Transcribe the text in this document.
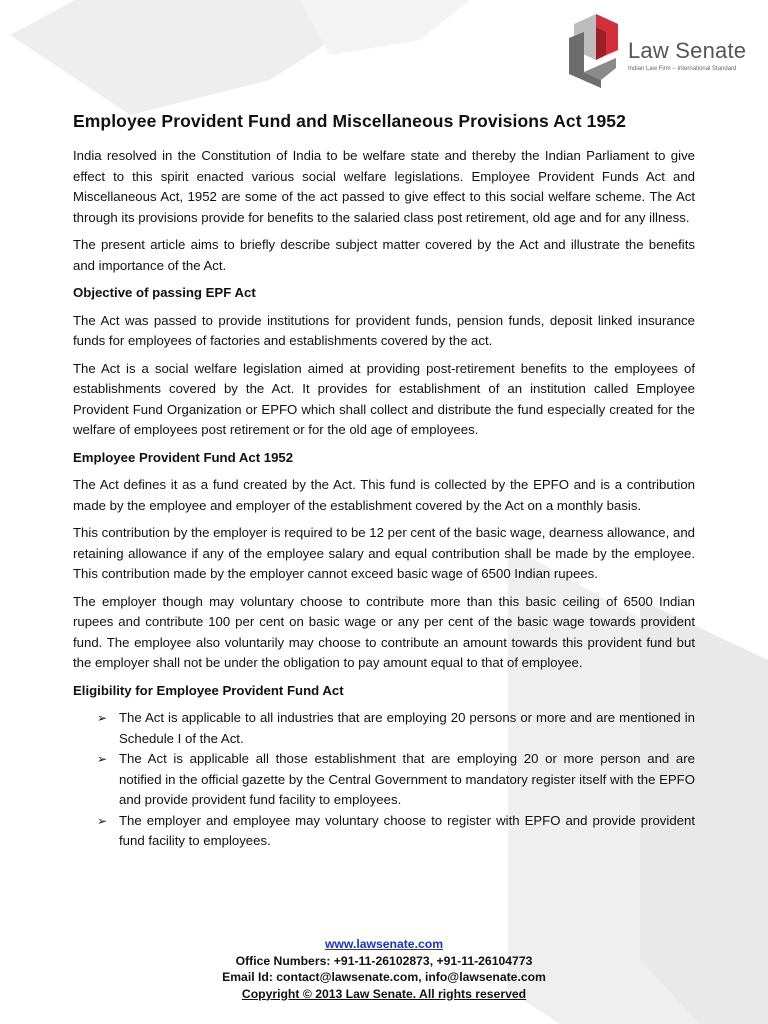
Law Senate
Indian Law Firm – International Standard
Employee Provident Fund and Miscellaneous Provisions Act 1952

India resolved in the Constitution of India to be welfare state and thereby the Indian Parliament to give effect to this spirit enacted various social welfare legislations. Employee Provident Funds Act and Miscellaneous Act, 1952 are some of the act passed to give effect to this social welfare scheme. The Act through its provisions provide for benefits to the salaried class post retirement, old age and for any illness.

The present article aims to briefly describe subject matter covered by the Act and illustrate the benefits and importance of the Act.

Objective of passing EPF Act

The Act was passed to provide institutions for provident funds, pension funds, deposit linked insurance funds for employees of factories and establishments covered by the act.

The Act is a social welfare legislation aimed at providing post-retirement benefits to the employees of establishments covered by the Act. It provides for establishment of an institution called Employee Provident Fund Organization or EPFO which shall collect and distribute the fund especially created for the welfare of employees post retirement or for the old age of employees.

Employee Provident Fund Act 1952

The Act defines it as a fund created by the Act. This fund is collected by the EPFO and is a contribution made by the employee and employer of the establishment covered by the Act on a monthly basis.

This contribution by the employer is required to be 12 per cent of the basic wage, dearness allowance, and retaining allowance if any of the employee salary and equal contribution shall be made by the employee. This contribution made by the employer cannot exceed basic wage of 6500 Indian rupees.

The employer though may voluntary choose to contribute more than this basic ceiling of 6500 Indian rupees and contribute 100 per cent on basic wage or any per cent of the basic wage towards provident fund. The employee also voluntarily may choose to contribute an amount towards this provident fund but the employer shall not be under the obligation to pay amount equal to that of employee.

Eligibility for Employee Provident Fund Act
➢ The Act is applicable to all industries that are employing 20 persons or more and are mentioned in Schedule I of the Act.
➢ The Act is applicable all those establishment that are employing 20 or more person and are notified in the official gazette by the Central Government to mandatory register itself with the EPFO and provide provident fund facility to employees.
➢ The employer and employee may voluntary choose to register with EPFO and provide provident fund facility to employees.
www.lawsenate.com
Office Numbers: +91-11-26102873, +91-11-26104773
Email Id: contact@lawsenate.com, info@lawsenate.com
Copyright © 2013 Law Senate. All rights reserved
